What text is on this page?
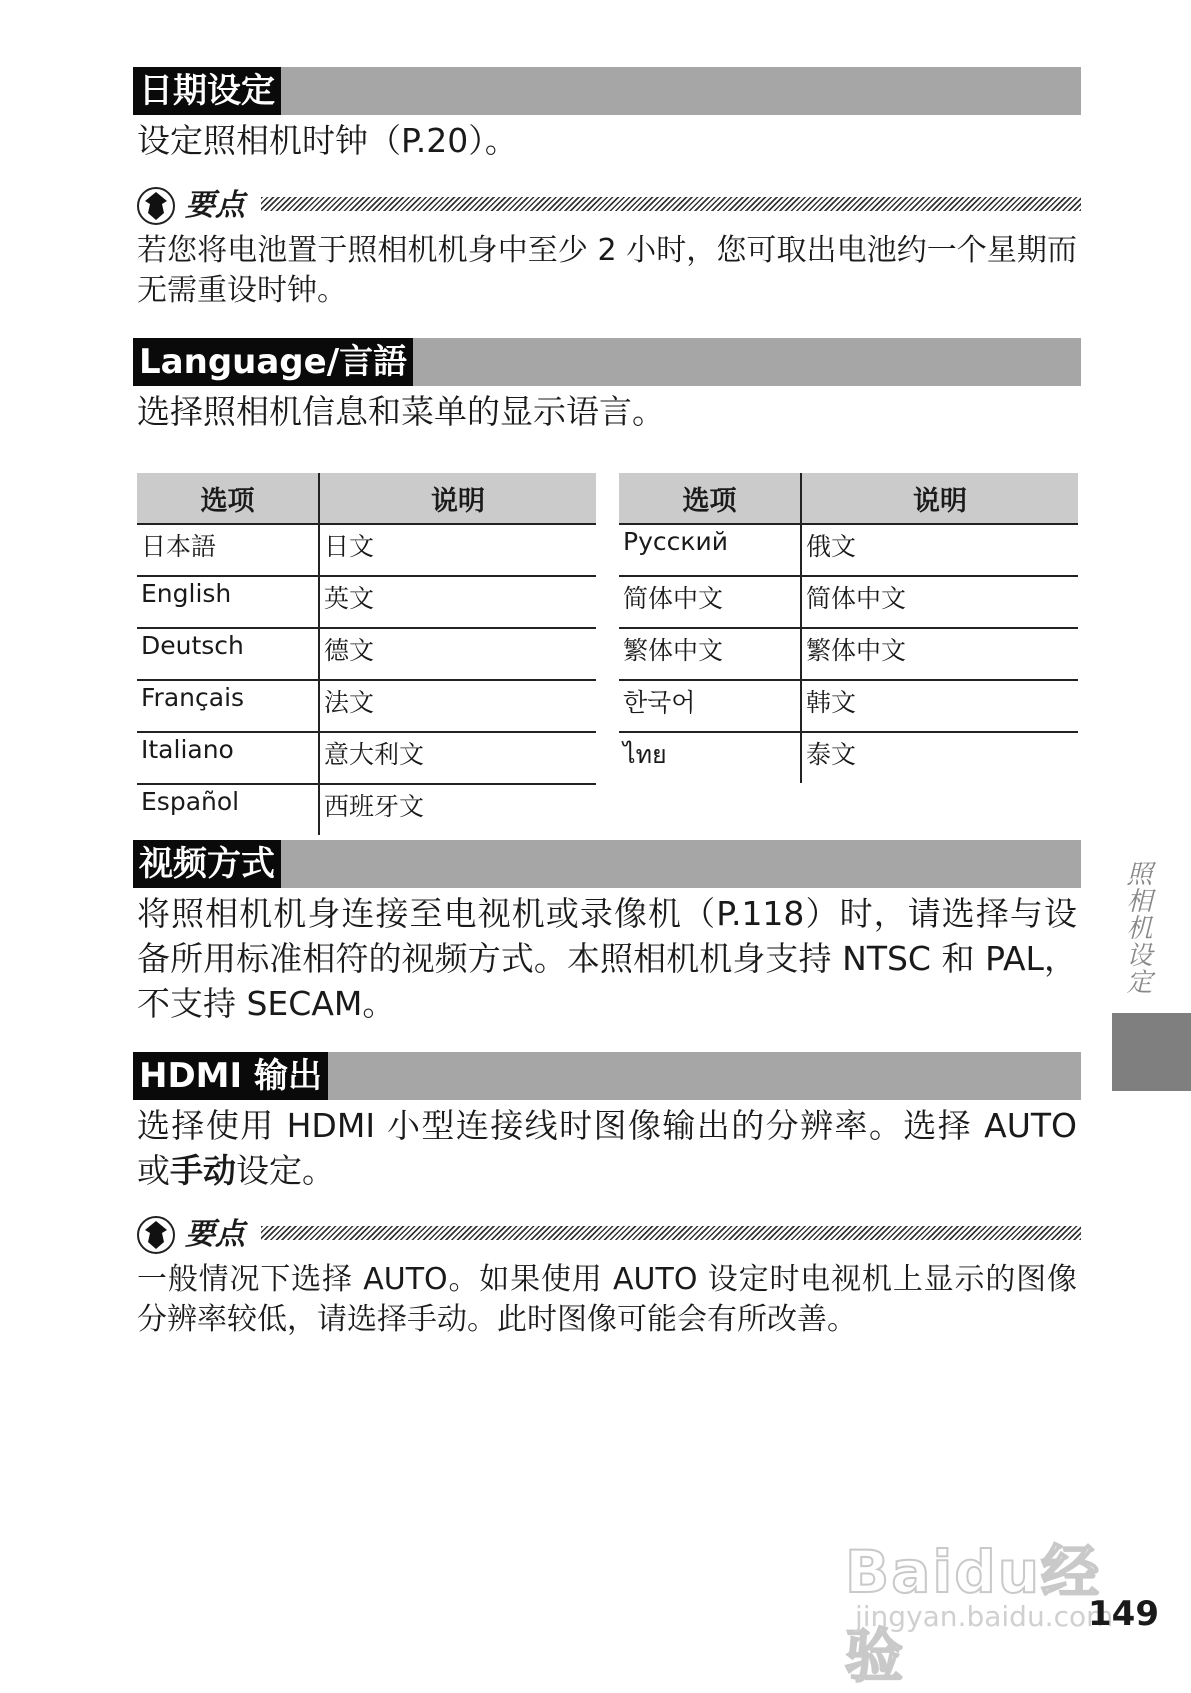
日期设定

设定照相机时钟（P.20）。

要点

若您将电池置于照相机机身中至少 2 小时，您可取出电池约一个星期而无需重设时钟。

Language/言語

选择照相机信息和菜单的显示语言。

选项	说明
日本語	日文
English	英文
Deutsch	德文
Français	法文
Italiano	意大利文
Español	西班牙文
选项	说明
Русский	俄文
简体中文	简体中文
繁体中文	繁体中文
한국어	韩文
ไทย	泰文
视频方式

将照相机机身连接至电视机或录像机（P.118）时，请选择与设备所用标准相符的视频方式。本照相机机身支持 NTSC 和 PAL，不支持 SECAM。

HDMI 输出

选择使用 HDMI 小型连接线时图像输出的分辨率。选择 AUTO 或手动设定。

要点

一般情况下选择 AUTO。如果使用 AUTO 设定时电视机上显示的图像分辨率较低，请选择手动。此时图像可能会有所改善。

照相机设定
Baidu经验
jingyan.baidu.com
149
